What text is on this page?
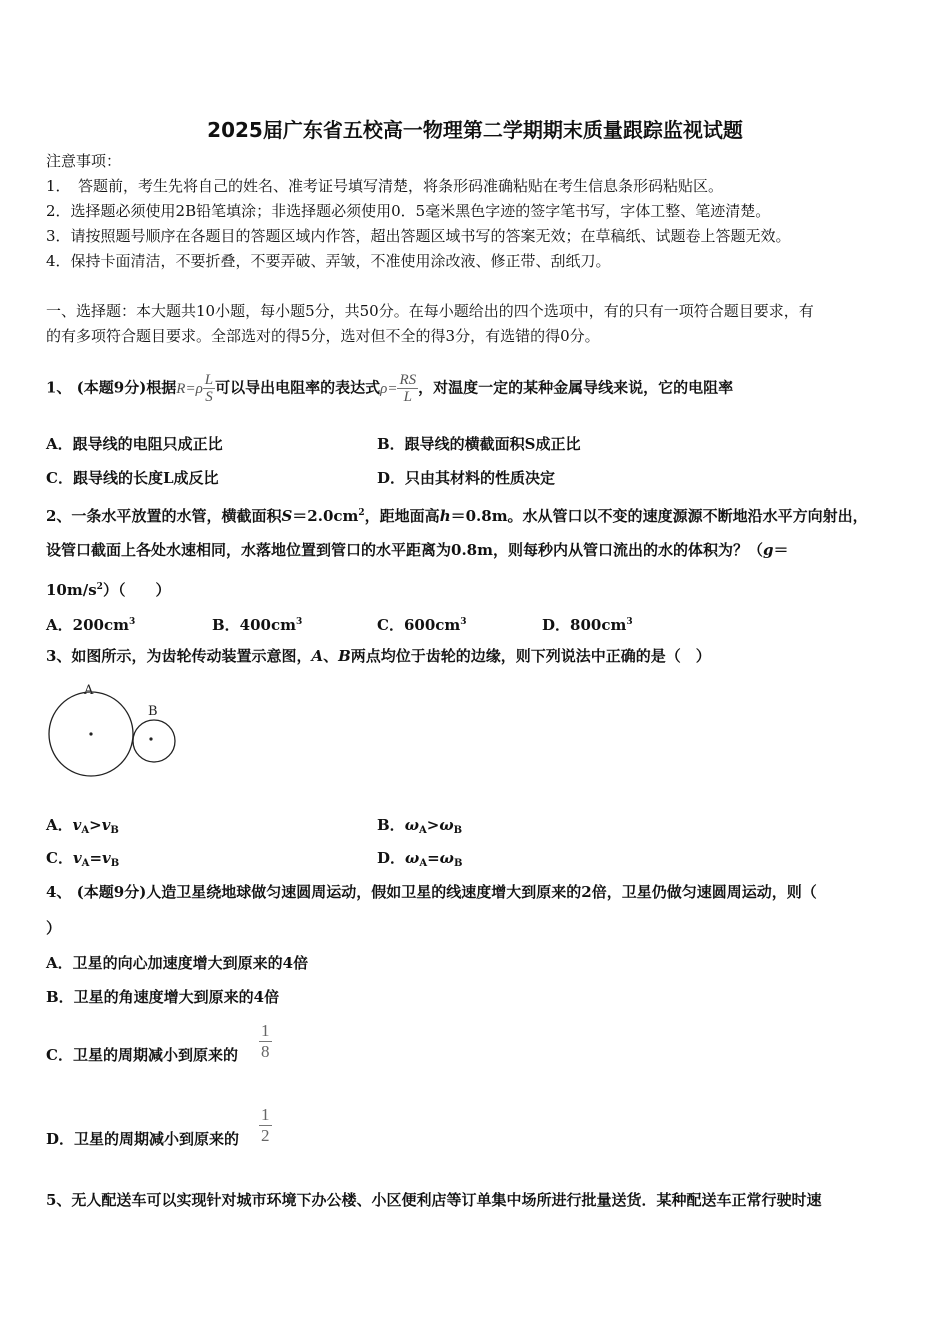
2025届广东省五校高一物理第二学期期末质量跟踪监视试题
注意事项：
1．　答题前，考生先将自己的姓名、准考证号填写清楚，将条形码准确粘贴在考生信息条形码粘贴区。
2．选择题必须使用2B铅笔填涂；非选择题必须使用0．5毫米黑色字迹的签字笔书写，字体工整、笔迹清楚。
3．请按照题号顺序在各题目的答题区域内作答，超出答题区域书写的答案无效；在草稿纸、试题卷上答题无效。
4．保持卡面清洁，不要折叠，不要弄破、弄皱，不准使用涂改液、修正带、刮纸刀。
一、选择题：本大题共10小题，每小题5分，共50分。在每小题给出的四个选项中，有的只有一项符合题目要求，有
的有多项符合题目要求。全部选对的得5分，选对但不全的得3分，有选错的得0分。
1、 (本题9分)根据$R=\rho \frac{L}{S}$ 可以导出电阻率的表达式$\rho= \frac{RS}{L}$ ，对温度一定的某种金属导线来说，它的电阻率
A．跟导线的电阻只成正比	B．跟导线的横截面积S成正比
C．跟导线的长度L成反比	D．只由其材料的性质决定
2、一条水平放置的水管，横截面积$S=2.0cm^2$，距地面高h＝0.8m。水从管口以不变的速度源源不断地沿水平方向射出，
设管口截面上各处水速相同，水落地位置到管口的水平距离为0.8m，则每秒内从管口流出的水的体积为？（g＝
$10m/s^2$）（　　）
A．$200cm^3$	B．$400cm^3$	C．$600cm^3$	D．$800cm^3$
3、如图所示，为齿轮传动装置示意图，A、B两点均位于齿轮的边缘，则下列说法中正确的是（　）
A
B
A．$v_A>v_B$	B．$\omega_A>\omega_B$
C．$v_A=v_B$	D．$\omega_A=\omega_B$
4、 (本题9分)人造卫星绕地球做匀速圆周运动，假如卫星的线速度增大到原来的2倍，卫星仍做匀速圆周运动，则（
）
A．卫星的向心加速度增大到原来的4倍
B．卫星的角速度增大到原来的4倍
C．卫星的周期减小到原来的 $\frac{1}{8}$
D．卫星的周期减小到原来的 $\frac{1}{2}$
5、无人配送车可以实现针对城市环境下办公楼、小区便利店等订单集中场所进行批量送货．某种配送车正常行驶时速
